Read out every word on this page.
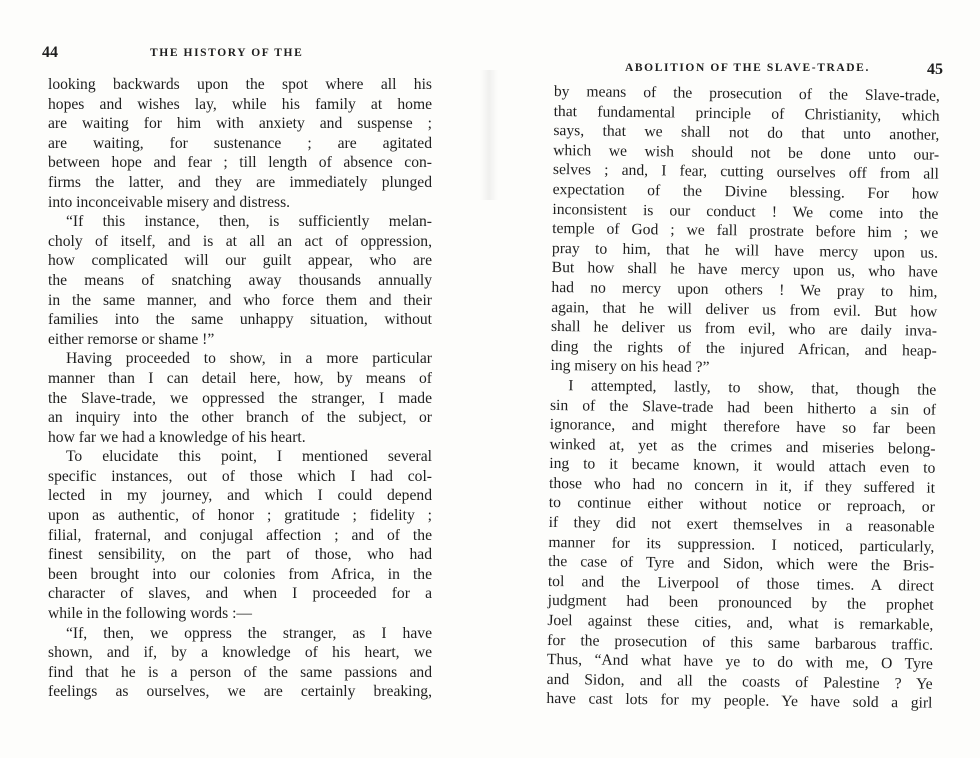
44	THE HISTORY OF THE
looking backwards upon the spot where all his
hopes and wishes lay, while his family at home
are waiting for him with anxiety and suspense ;
are waiting, for sustenance ; are agitated
between hope and fear ; till length of absence con-
firms the latter, and they are immediately plunged
into inconceivable misery and distress.
“If this instance, then, is sufficiently melan-
choly of itself, and is at all an act of oppression,
how complicated will our guilt appear, who are
the means of snatching away thousands annually
in the same manner, and who force them and their
families into the same unhappy situation, without
either remorse or shame !”
Having proceeded to show, in a more particular
manner than I can detail here, how, by means of
the Slave-trade, we oppressed the stranger, I made
an inquiry into the other branch of the subject, or
how far we had a knowledge of his heart.
To elucidate this point, I mentioned several
specific instances, out of those which I had col-
lected in my journey, and which I could depend
upon as authentic, of honor ; gratitude ; fidelity ;
filial, fraternal, and conjugal affection ; and of the
finest sensibility, on the part of those, who had
been brought into our colonies from Africa, in the
character of slaves, and when I proceeded for a
while in the following words :—
“If, then, we oppress the stranger, as I have
shown, and if, by a knowledge of his heart, we
find that he is a person of the same passions and
feelings as ourselves, we are certainly breaking,
ABOLITION OF THE SLAVE-TRADE.	45
by means of the prosecution of the Slave-trade,
that fundamental principle of Christianity, which
says, that we shall not do that unto another,
which we wish should not be done unto our-
selves ; and, I fear, cutting ourselves off from all
expectation of the Divine blessing. For how
inconsistent is our conduct ! We come into the
temple of God ; we fall prostrate before him ; we
pray to him, that he will have mercy upon us.
But how shall he have mercy upon us, who have
had no mercy upon others ! We pray to him,
again, that he will deliver us from evil. But how
shall he deliver us from evil, who are daily inva-
ding the rights of the injured African, and heap-
ing misery on his head ?”
I attempted, lastly, to show, that, though the
sin of the Slave-trade had been hitherto a sin of
ignorance, and might therefore have so far been
winked at, yet as the crimes and miseries belong-
ing to it became known, it would attach even to
those who had no concern in it, if they suffered it
to continue either without notice or reproach, or
if they did not exert themselves in a reasonable
manner for its suppression. I noticed, particularly,
the case of Tyre and Sidon, which were the Bris-
tol and the Liverpool of those times. A direct
judgment had been pronounced by the prophet
Joel against these cities, and, what is remarkable,
for the prosecution of this same barbarous traffic.
Thus, “And what have ye to do with me, O Tyre
and Sidon, and all the coasts of Palestine ? Ye
have cast lots for my people. Ye have sold a girl
